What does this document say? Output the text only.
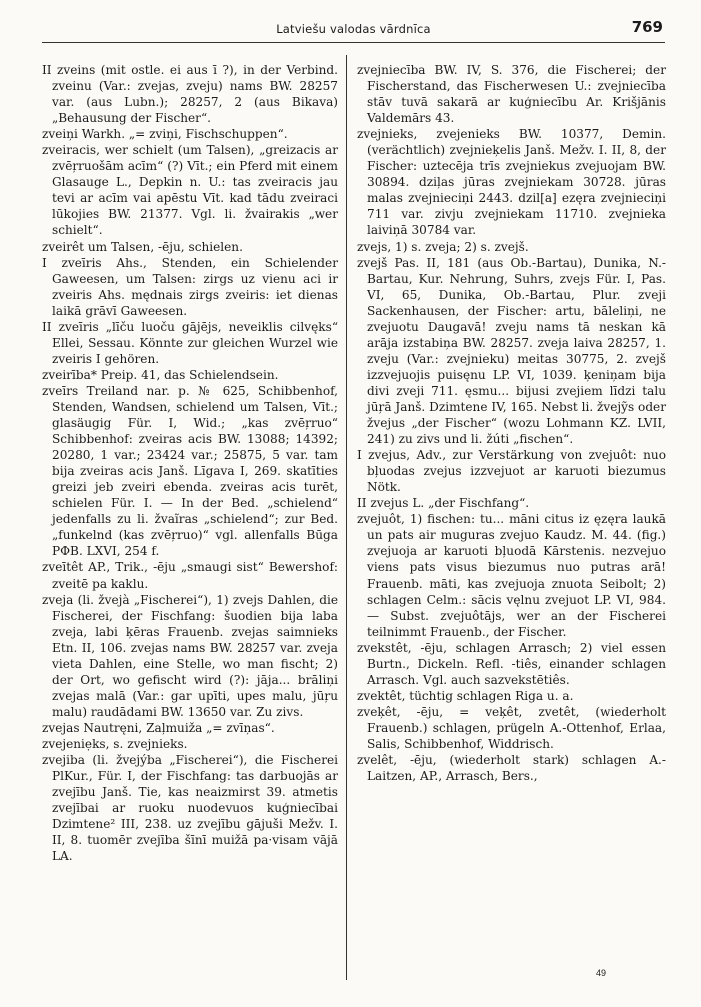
Latviešu valodas vārdnīca	769

II zveins (mit ostle. ei aus ī ?), in der Verbind. zveinu (Var.: zvejas, zveju) nams BW. 28257 var. (aus Lubn.); 28257, 2 (aus Bikava) „Behausung der Fischer“.

zveiņi Warkh. „= zviņi, Fischschuppen“.

zveiracis, wer schielt (um Talsen), „greizacis ar zvēŗruošām acīm“ (?) Vīt.; ein Pferd mit einem Glasauge L., Depkin n. U.: tas zveiracis jau tevi ar acīm vai apēstu Vīt. kad tādu zveiraci lūkojies BW. 21377. Vgl. li. žvairakis „wer schielt“.

zveirêt um Talsen, -ēju, schielen.

I zveīris Ahs., Stenden, ein Schielender Gaweesen, um Talsen: zirgs uz vienu aci ir zveiris Ahs. mędnais zirgs zveiris: iet dienas laikā grāvī Gaweesen.

II zveīris „līču luoču gājējs, neveiklis cilvęks“ Ellei, Sessau. Könnte zur gleichen Wurzel wie zveiris I gehören.

zveirība* Preip. 41, das Schielendsein.

zveīrs Treiland nar. p. № 625, Schibbenhof, Stenden, Wandsen, schielend um Talsen, Vīt.; glasäugig Für. I, Wid.; „kas zvēŗruo“ Schibbenhof: zveiras acis BW. 13088; 14392; 20280, 1 var.; 23424 var.; 25875, 5 var. tam bija zveiras acis Janš. Līgava I, 269. skatīties greizi jeb zveiri ebenda. zveiras acis turēt, schielen Für. I. — In der Bed. „schielend“ jedenfalls zu li. žvaĩras „schielend“; zur Bed. „funkelnd (kas zvēŗruo)“ vgl. allenfalls Būga PΦB. LXVI, 254 f.

zveītêt AP., Trik., -ēju „smaugi sist“ Bewershof: zveitē pa kaklu.

zveja (li. žvejà „Fischerei“), 1) zvejs Dahlen, die Fischerei, der Fischfang: šuodien bija laba zveja, labi ķēras Frauenb. zvejas saimnieks Etn. II, 106. zvejas nams BW. 28257 var. zveja vieta Dahlen, eine Stelle, wo man fischt; 2) der Ort, wo gefischt wird (?): jāja... brāliņi zvejas malā (Var.: gar upīti, upes malu, jūŗu malu) raudādami BW. 13650 var. Zu zivs.

zvejas Nautręni, Zaļmuiža „= zvīņas“.

zvejeniẹks, s. zvejnieks.

zvejiba (li. žvejýba „Fischerei“), die Fischerei PlKur., Für. I, der Fischfang: tas darbuojās ar zvejību Janš. Tie, kas neaizmirst 39. atmetis zvejībai ar ruoku nuodevuos kuģniecībai Dzimtene² III, 238. uz zvejību gājuši Mežv. I. II, 8. tuomēr zvejība šīnī muižā pa·visam vājā LA.

zvejniecība BW. IV, S. 376, die Fischerei; der Fischerstand, das Fischerwesen U.: zvejniecība stāv tuvā sakarā ar kuģniecību Ar. Krišjānis Valdemārs 43.

zvejnieks, zvejenieks BW. 10377, Demin. (verächtlich) zvejnieķelis Janš. Mežv. I. II, 8, der Fischer: uztecēja trīs zvejniekus zvejuojam BW. 30894. dziļas jūras zvejniekam 30728. jūras malas zvejnieciņi 2443. dzil[a] ezęra zvejnieciņi 711 var. zivju zvejniekam 11710. zvejnieka laiviņā 30784 var.

zvejs, 1) s. zveja; 2) s. zvejš.

zvejš Pas. II, 181 (aus Ob.-Bartau), Dunika, N.-Bartau, Kur. Nehrung, Suhrs, zvejs Für. I, Pas. VI, 65, Dunika, Ob.-Bartau, Plur. zveji Sackenhausen, der Fischer: artu, bāleliņi, ne zvejuotu Daugavā! zveju nams tā neskan kā arāja izstabiņa BW. 28257. zveja laiva 28257, 1. zveju (Var.: zvejnieku) meitas 30775, 2. zvejš izzvejuojis puisęnu LP. VI, 1039. ķeniņam bija divi zveji 711. ęsmu... bijusi zvejiem līdzi talu jūŗā Janš. Dzimtene IV, 165. Nebst li. žvejỹs oder žvejus „der Fischer“ (wozu Lohmann KZ. LVII, 241) zu zivs und li. žúti „fischen“.

I zvejus, Adv., zur Verstärkung von zvejuôt: nuo bļuodas zvejus izzvejuot ar karuoti biezumus Nötk.

II zvejus L. „der Fischfang“.

zvejuôt, 1) fischen: tu... māni citus iz ęzęra laukā un pats air muguras zvejuo Kaudz. M. 44. (fig.) zvejuoja ar karuoti bļuodā Kārstenis. nezvejuo viens pats visus biezumus nuo putras arā! Frauenb. māti, kas zvejuoja znuota Seibolt; 2) schlagen Celm.: sācis vęlnu zvejuot LP. VI, 984. — Subst. zvejuôtājs, wer an der Fischerei teilnimmt Frauenb., der Fischer.

zvekstêt, -ēju, schlagen Arrasch; 2) viel essen Burtn., Dickeln. Refl. -tiês, einander schlagen Arrasch. Vgl. auch sazvekstētiês.

zvektêt, tüchtig schlagen Riga u. a.

zveķêt, -ēju, = veķêt, zvetêt, (wiederholt Frauenb.) schlagen, prügeln A.-Ottenhof, Erlaa, Salis, Schibbenhof, Widdrisch.

zvelêt, -ēju, (wiederholt stark) schlagen A.-Laitzen, AP., Arrasch, Bers.,

49
